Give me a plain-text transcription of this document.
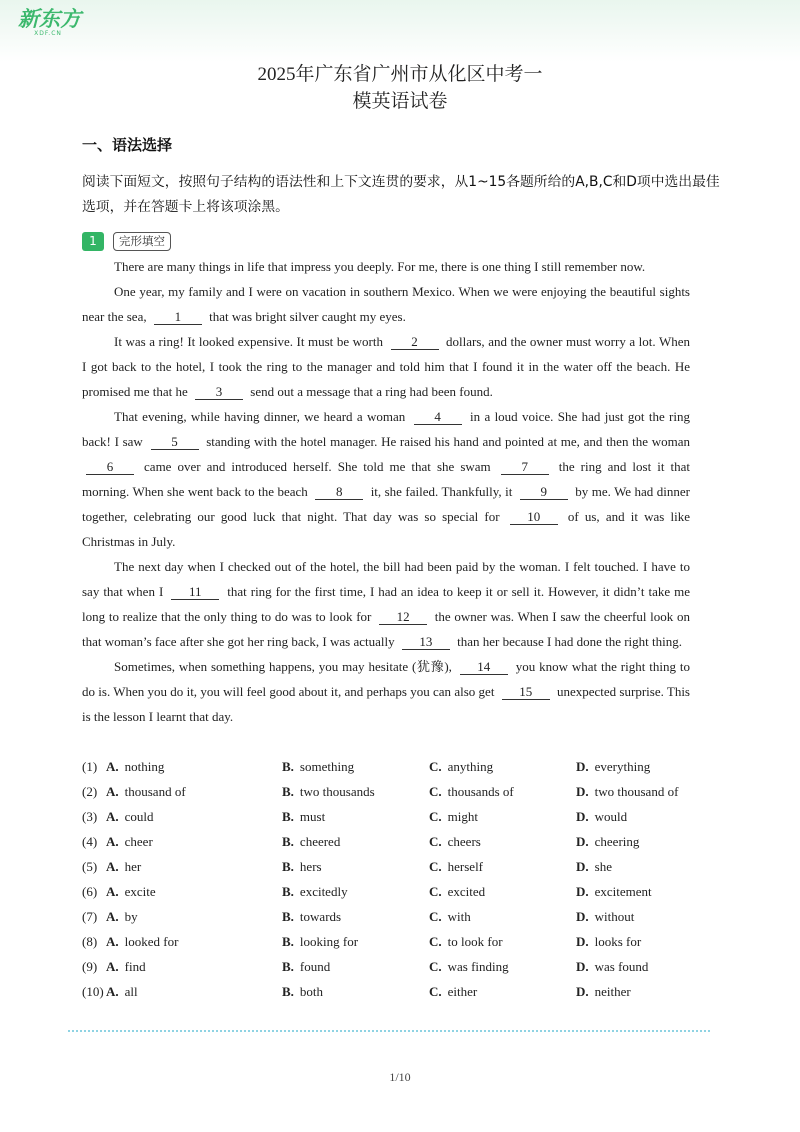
新东方
XDF.CN
2025年广东省广州市从化区中考一
模英语试卷
一、语法选择
阅读下面短文，按照句子结构的语法性和上下文连贯的要求，从1~15各题所给的A,B,C和D项中选出最佳选项，并在答题卡上将该项涂黑。
1	完形填空

There are many things in life that impress you deeply. For me, there is one thing I still remember now.

One year, my family and I were on vacation in southern Mexico. When we were enjoying the beautiful sights near the sea, 1 that was bright silver caught my eyes.

It was a ring! It looked expensive. It must be worth 2 dollars, and the owner must worry a lot. When I got back to the hotel, I took the ring to the manager and told him that I found it in the water off the beach. He promised me that he 3 send out a message that a ring had been found.

That evening, while having dinner, we heard a woman 4 in a loud voice. She had just got the ring back! I saw 5 standing with the hotel manager. He raised his hand and pointed at me, and then the woman 6 came over and introduced herself. She told me that she swam 7 the ring and lost it that morning. When she went back to the beach 8 it, she failed. Thankfully, it 9 by me. We had dinner together, celebrating our good luck that night. That day was so special for 10 of us, and it was like Christmas in July.

The next day when I checked out of the hotel, the bill had been paid by the woman. I felt touched. I have to say that when I 11 that ring for the first time, I had an idea to keep it or sell it. However, it didn’t take me long to realize that the only thing to do was to look for 12 the owner was. When I saw the cheerful look on that woman’s face after she got her ring back, I was actually 13 than her because I had done the right thing.

Sometimes, when something happens, you may hesitate (犹豫), 14 you know what the right thing to do is. When you do it, you will feel good about it, and perhaps you can also get 15 unexpected surprise. This is the lesson I learnt that day.

(1) A. nothing	B. something	C. anything	D. everything
(2) A. thousand of	B. two thousands	C. thousands of	D. two thousand of
(3) A. could	B. must	C. might	D. would
(4) A. cheer	B. cheered	C. cheers	D. cheering
(5) A. her	B. hers	C. herself	D. she
(6) A. excite	B. excitedly	C. excited	D. excitement
(7) A. by	B. towards	C. with	D. without
(8) A. looked for	B. looking for	C. to look for	D. looks for
(9) A. find	B. found	C. was finding	D. was found
(10) A. all	B. both	C. either	D. neither
1/10
